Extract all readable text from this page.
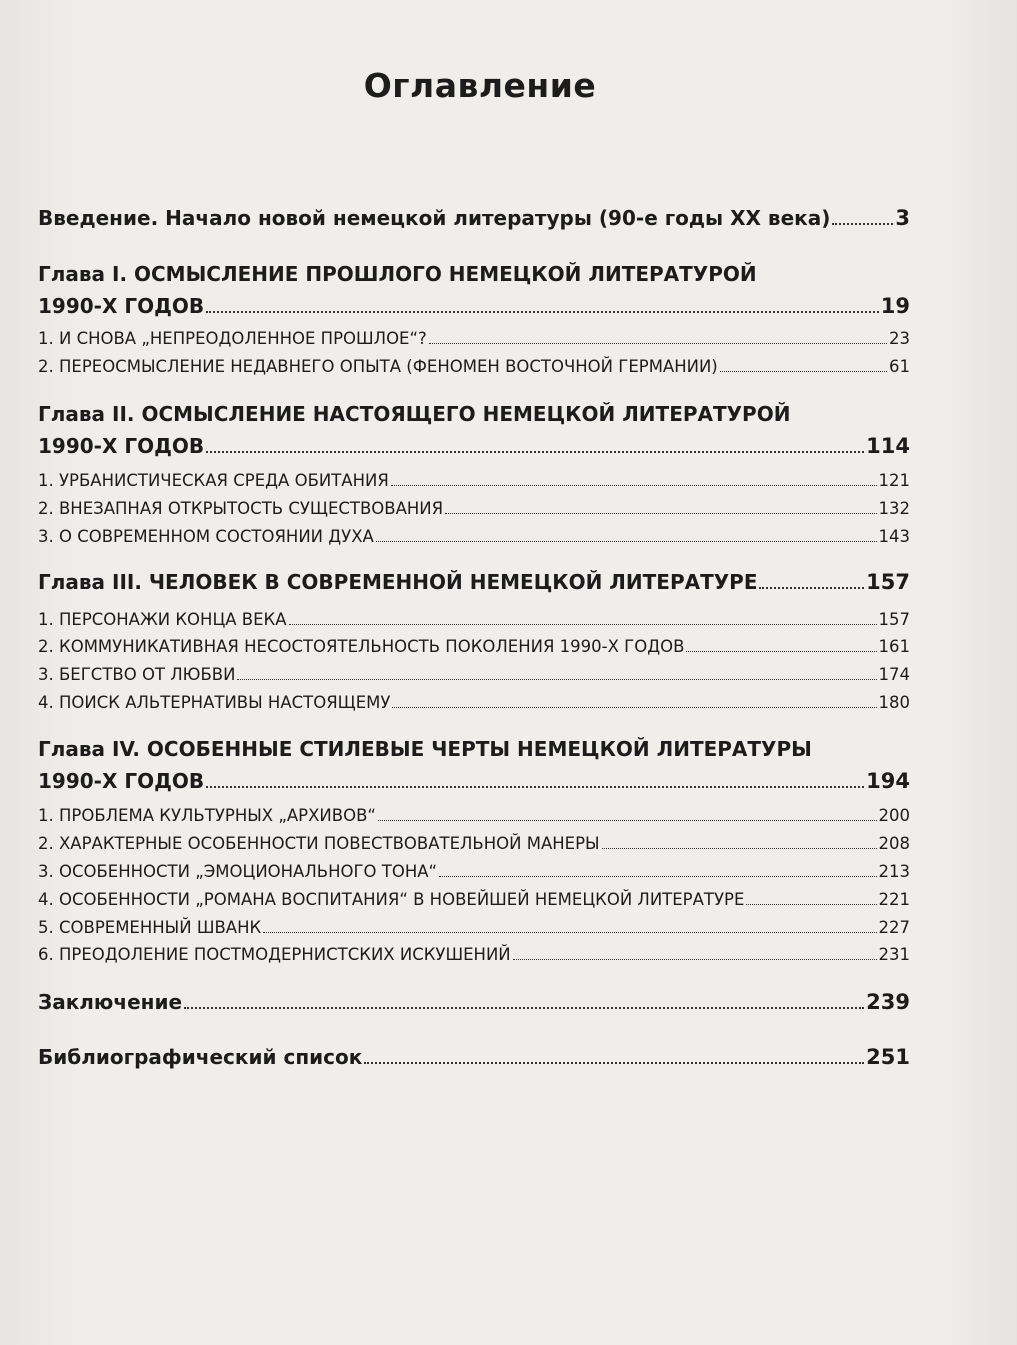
Оглавление
Введение. Начало новой немецкой литературы (90-е годы XX века)	3
Глава I. ОСМЫСЛЕНИЕ ПРОШЛОГО НЕМЕЦКОЙ ЛИТЕРАТУРОЙ
1990-Х ГОДОВ	19
1. И СНОВА „НЕПРЕОДОЛЕННОЕ ПРОШЛОЕ“?	23
2. ПЕРЕОСМЫСЛЕНИЕ НЕДАВНЕГО ОПЫТА (ФЕНОМЕН ВОСТОЧНОЙ ГЕРМАНИИ)	61
Глава II. ОСМЫСЛЕНИЕ НАСТОЯЩЕГО НЕМЕЦКОЙ ЛИТЕРАТУРОЙ
1990-Х ГОДОВ	114
1. УРБАНИСТИЧЕСКАЯ СРЕДА ОБИТАНИЯ	121
2. ВНЕЗАПНАЯ ОТКРЫТОСТЬ СУЩЕСТВОВАНИЯ	132
3. О СОВРЕМЕННОМ СОСТОЯНИИ ДУХА	143
Глава III. ЧЕЛОВЕК В СОВРЕМЕННОЙ НЕМЕЦКОЙ ЛИТЕРАТУРЕ	157
1. ПЕРСОНАЖИ КОНЦА ВЕКА	157
2. КОММУНИКАТИВНАЯ НЕСОСТОЯТЕЛЬНОСТЬ ПОКОЛЕНИЯ 1990-Х ГОДОВ	161
3. БЕГСТВО ОТ ЛЮБВИ	174
4. ПОИСК АЛЬТЕРНАТИВЫ НАСТОЯЩЕМУ	180
Глава IV. ОСОБЕННЫЕ СТИЛЕВЫЕ ЧЕРТЫ НЕМЕЦКОЙ ЛИТЕРАТУРЫ
1990-Х ГОДОВ	194
1. ПРОБЛЕМА КУЛЬТУРНЫХ „АРХИВОВ“	200
2. ХАРАКТЕРНЫЕ ОСОБЕННОСТИ ПОВЕСТВОВАТЕЛЬНОЙ МАНЕРЫ	208
3. ОСОБЕННОСТИ „ЭМОЦИОНАЛЬНОГО ТОНА“	213
4. ОСОБЕННОСТИ „РОМАНА ВОСПИТАНИЯ“ В НОВЕЙШЕЙ НЕМЕЦКОЙ ЛИТЕРАТУРЕ	221
5. СОВРЕМЕННЫЙ ШВАНК	227
6. ПРЕОДОЛЕНИЕ ПОСТМОДЕРНИСТСКИХ ИСКУШЕНИЙ	231
Заключение	239
Библиографический список	251
